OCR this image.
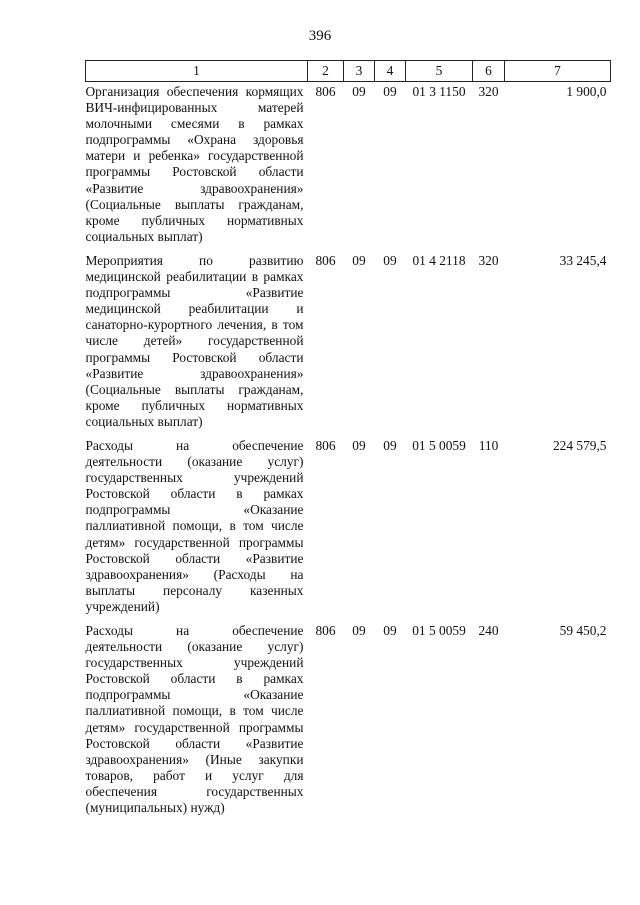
396
1	2	3	4	5	6	7
Организация обеспечения кормящих ВИЧ-инфицированных матерей молочными смесями в рамках подпрограммы «Охрана здоровья матери и ребенка» государственной программы Ростовской области «Развитие здравоохранения» (Социальные выплаты гражданам, кроме публичных нормативных социальных выплат)	806	09	09	01 3 1150	320	1 900,0
Мероприятия по развитию медицинской реабилитации в рамках подпрограммы «Развитие медицинской реабилитации и санаторно-курортного лечения, в том числе детей» государственной программы Ростовской области «Развитие здравоохранения» (Социальные выплаты гражданам, кроме публичных нормативных социальных выплат)	806	09	09	01 4 2118	320	33 245,4
Расходы на обеспечение деятельности (оказание услуг) государственных учреждений Ростовской области в рамках подпрограммы «Оказание паллиативной помощи, в том числе детям» государственной программы Ростовской области «Развитие здравоохранения» (Расходы на выплаты персоналу казенных учреждений)	806	09	09	01 5 0059	110	224 579,5
Расходы на обеспечение деятельности (оказание услуг) государственных учреждений Ростовской области в рамках подпрограммы «Оказание паллиативной помощи, в том числе детям» государственной программы Ростовской области «Развитие здравоохранения» (Иные закупки товаров, работ и услуг для обеспечения государственных (муниципальных) нужд)	806	09	09	01 5 0059	240	59 450,2
